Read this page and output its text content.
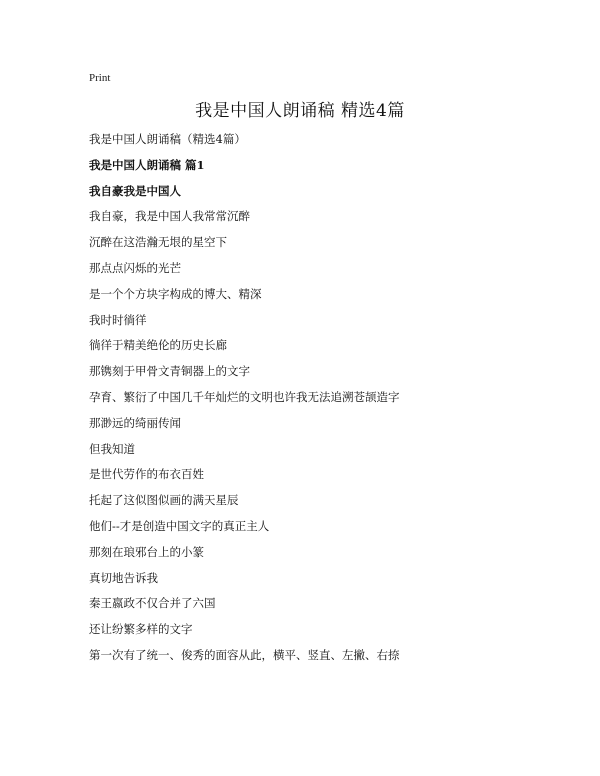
Print
我是中国人朗诵稿 精选4篇
我是中国人朗诵稿（精选4篇）
我是中国人朗诵稿 篇1
我自豪我是中国人
我自豪，我是中国人我常常沉醉
沉醉在这浩瀚无垠的星空下
那点点闪烁的光芒
是一个个方块字构成的博大、精深
我时时徜徉
徜徉于精美绝伦的历史长廊
那镌刻于甲骨文青铜器上的文字
孕育、繁衍了中国几千年灿烂的文明也许我无法追溯苍颉造字
那渺远的绮丽传闻
但我知道
是世代劳作的布衣百姓
托起了这似图似画的满天星辰
他们--才是创造中国文字的真正主人
那刻在琅邪台上的小篆
真切地告诉我
秦王嬴政不仅合并了六国
还让纷繁多样的文字
第一次有了统一、俊秀的面容从此，横平、竖直、左撇、右捺
